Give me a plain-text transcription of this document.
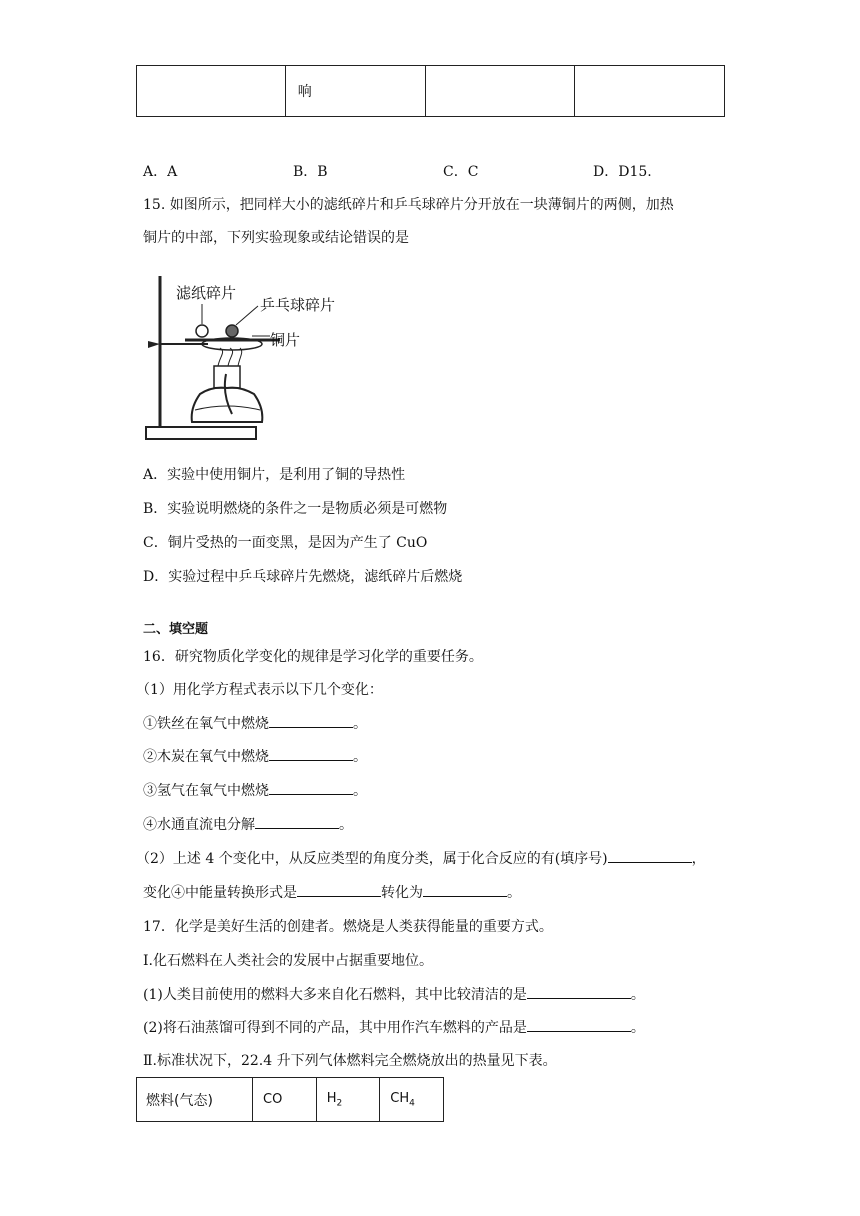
	响		
A．A	B．B	C．C	D．D15.
15. 如图所示，把同样大小的滤纸碎片和乒乓球碎片分开放在一块薄铜片的两侧，加热
铜片的中部，下列实验现象或结论错误的是
滤纸碎片
乒乓球碎片
铜片
A．实验中使用铜片，是利用了铜的导热性
B．实验说明燃烧的条件之一是物质必须是可燃物
C．铜片受热的一面变黑，是因为产生了 CuO
D．实验过程中乒乓球碎片先燃烧，滤纸碎片后燃烧
二、填空题
16．研究物质化学变化的规律是学习化学的重要任务。
（1）用化学方程式表示以下几个变化：
①铁丝在氧气中燃烧	。
②木炭在氧气中燃烧	。
③氢气在氧气中燃烧	。
④水通直流电分解	。
（2）上述 4 个变化中，从反应类型的角度分类，属于化合反应的有(填序号)	，
变化④中能量转换形式是	转化为	。
17．化学是美好生活的创建者。燃烧是人类获得能量的重要方式。
Ⅰ.化石燃料在人类社会的发展中占据重要地位。
(1)人类目前使用的燃料大多来自化石燃料，其中比较清洁的是	。
(2)将石油蒸馏可得到不同的产品，其中用作汽车燃料的产品是	。
Ⅱ.标准状况下，22.4 升下列气体燃料完全燃烧放出的热量见下表。
燃料(气态)	CO	$H_2$	$CH_4$
